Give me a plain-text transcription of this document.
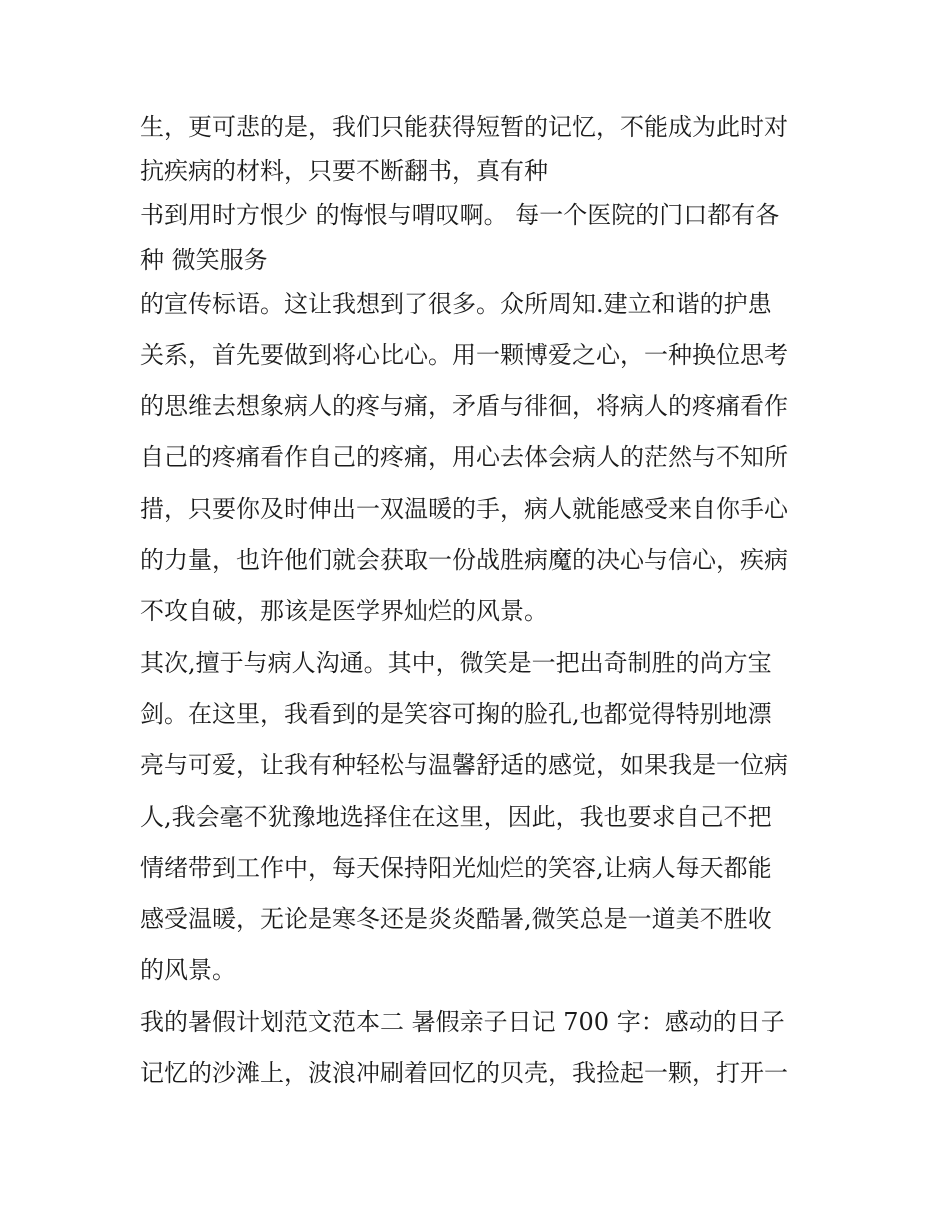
生，更可悲的是，我们只能获得短暂的记忆，不能成为此时对
抗疾病的材料，只要不断翻书，真有种
书到用时方恨少 的悔恨与喟叹啊。 每一个医院的门口都有各
种 微笑服务
的宣传标语。这让我想到了很多。众所周知.建立和谐的护患
关系，首先要做到将心比心。用一颗博爱之心，一种换位思考
的思维去想象病人的疼与痛，矛盾与徘徊，将病人的疼痛看作
自己的疼痛看作自己的疼痛，用心去体会病人的茫然与不知所
措，只要你及时伸出一双温暖的手，病人就能感受来自你手心
的力量，也许他们就会获取一份战胜病魔的决心与信心，疾病
不攻自破，那该是医学界灿烂的风景。
其次,擅于与病人沟通。其中，微笑是一把出奇制胜的尚方宝
剑。在这里，我看到的是笑容可掬的脸孔,也都觉得特别地漂
亮与可爱，让我有种轻松与温馨舒适的感觉，如果我是一位病
人,我会毫不犹豫地选择住在这里，因此，我也要求自己不把
情绪带到工作中，每天保持阳光灿烂的笑容,让病人每天都能
感受温暖，无论是寒冬还是炎炎酷暑,微笑总是一道美不胜收
的风景。
我的暑假计划范文范本二 暑假亲子日记 700 字：感动的日子
记忆的沙滩上，波浪冲刷着回忆的贝壳，我捡起一颗，打开一
